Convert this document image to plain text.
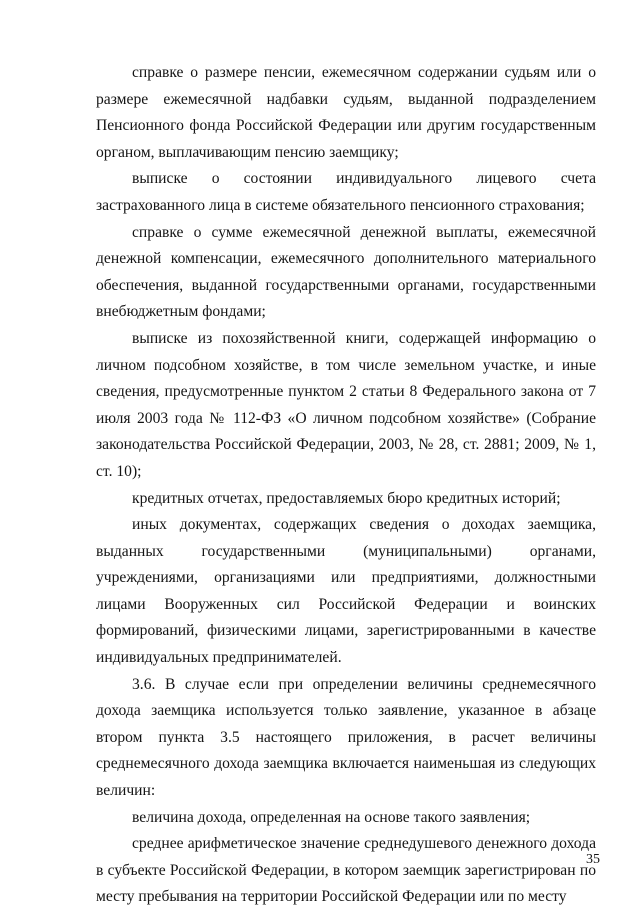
справке о размере пенсии, ежемесячном содержании судьям или о размере ежемесячной надбавки судьям, выданной подразделением Пенсионного фонда Российской Федерации или другим государственным органом, выплачивающим пенсию заемщику;

выписке о состоянии индивидуального лицевого счета застрахованного лица в системе обязательного пенсионного страхования;

справке о сумме ежемесячной денежной выплаты, ежемесячной денежной компенсации, ежемесячного дополнительного материального обеспечения, выданной государственными органами, государственными внебюджетным фондами;

выписке из похозяйственной книги, содержащей информацию о личном подсобном хозяйстве, в том числе земельном участке, и иные сведения, предусмотренные пунктом 2 статьи 8 Федерального закона от 7 июля 2003 года № 112-ФЗ «О личном подсобном хозяйстве» (Собрание законодательства Российской Федерации, 2003, № 28, ст. 2881; 2009, № 1, ст. 10);

кредитных отчетах, предоставляемых бюро кредитных историй;

иных документах, содержащих сведения о доходах заемщика, выданных государственными (муниципальными) органами, учреждениями, организациями или предприятиями, должностными лицами Вооруженных сил Российской Федерации и воинских формирований, физическими лицами, зарегистрированными в качестве индивидуальных предпринимателей.

3.6. В случае если при определении величины среднемесячного дохода заемщика используется только заявление, указанное в абзаце втором пункта 3.5 настоящего приложения, в расчет величины среднемесячного дохода заемщика включается наименьшая из следующих величин:

величина дохода, определенная на основе такого заявления;

среднее арифметическое значение среднедушевого денежного дохода в субъекте Российской Федерации, в котором заемщик зарегистрирован по месту пребывания на территории Российской Федерации или по месту

35
